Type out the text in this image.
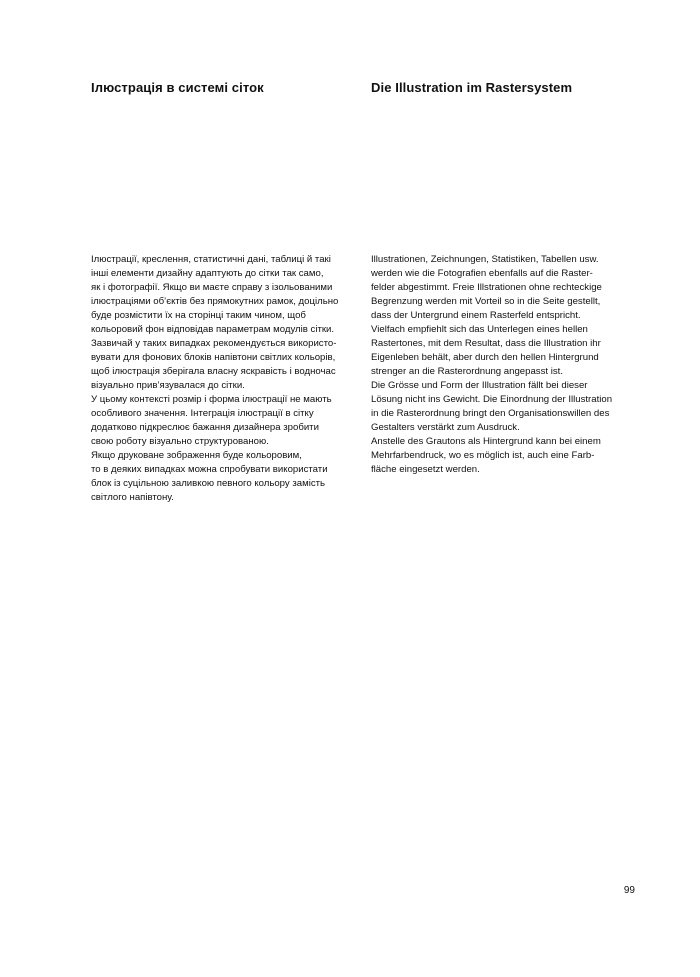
Ілюстрація в системі сіток	Die Illustration im Rastersystem
Ілюстрації, креслення, статистичні дані, таблиці й такі
інші елементи дизайну адаптують до сітки так само,
як і фотографії. Якщо ви маєте справу з ізольованими
ілюстраціями об’єктів без прямокутних рамок, доцільно
буде розмістити їх на сторінці таким чином, щоб
кольоровий фон відповідав параметрам модулів сітки.
Зазвичай у таких випадках рекомендується використо-
вувати для фонових блоків напівтони світлих кольорів,
щоб ілюстрація зберігала власну яскравість і водночас
візуально прив’язувалася до сітки.
У цьому контексті розмір і форма ілюстрації не мають
особливого значення. Інтеграція ілюстрації в сітку
додатково підкреслює бажання дизайнера зробити
свою роботу візуально структурованою.
Якщо друковане зображення буде кольоровим,
то в деяких випадках можна спробувати використати
блок із суцільною заливкою певного кольору замість
світлого напівтону.
Illustrationen, Zeichnungen, Statistiken, Tabellen usw.
werden wie die Fotografien ebenfalls auf die Raster-
felder abgestimmt. Freie Illstrationen ohne rechteckige
Begrenzung werden mit Vorteil so in die Seite gestellt,
dass der Untergrund einem Rasterfeld entspricht.
Vielfach empfiehlt sich das Unterlegen eines hellen
Rastertones, mit dem Resultat, dass die Illustration ihr
Eigenleben behält, aber durch den hellen Hintergrund
strenger an die Rasterordnung angepasst ist.
Die Grösse und Form der Illustration fällt bei dieser
Lösung nicht ins Gewicht. Die Einordnung der Illustration
in die Rasterordnung bringt den Organisationswillen des
Gestalters verstärkt zum Ausdruck.
Anstelle des Grautons als Hintergrund kann bei einem
Mehrfarbendruck, wo es möglich ist, auch eine Farb-
fläche eingesetzt werden.
99
